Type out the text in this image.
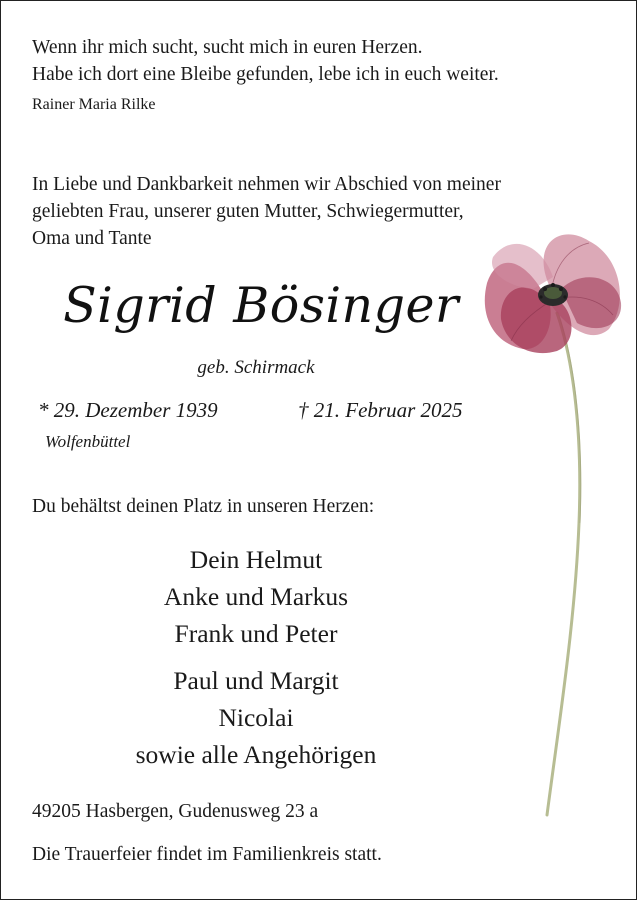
Wenn ihr mich sucht, sucht mich in euren Herzen.
Habe ich dort eine Bleibe gefunden, lebe ich in euch weiter.
Rainer Maria Rilke
In Liebe und Dankbarkeit nehmen wir Abschied von meiner
geliebten Frau, unserer guten Mutter, Schwiegermutter,
Oma und Tante
Sigrid Bösinger
geb. Schirmack
* 29. Dezember 1939
Wolfenbüttel
† 21. Februar 2025
Du behältst deinen Platz in unseren Herzen:
Dein Helmut
Anke und Markus
Frank und Peter
Paul und Margit
Nicolai
sowie alle Angehörigen
49205 Hasbergen, Gudenusweg 23 a
Die Trauerfeier findet im Familienkreis statt.
